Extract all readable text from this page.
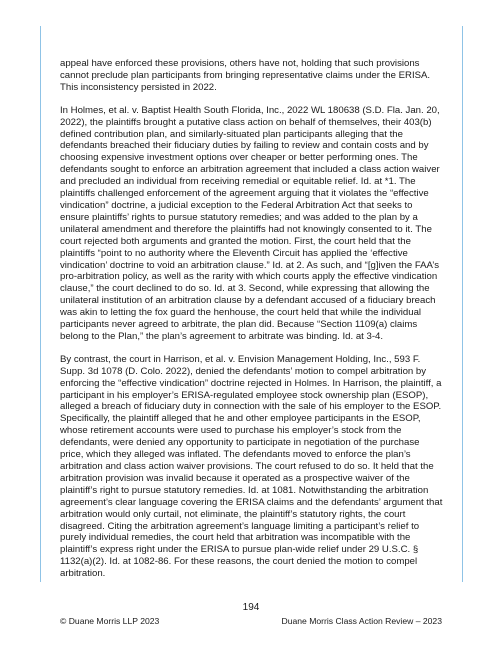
appeal have enforced these provisions, others have not, holding that such provisions cannot preclude plan participants from bringing representative claims under the ERISA. This inconsistency persisted in 2022.

In Holmes, et al. v. Baptist Health South Florida, Inc., 2022 WL 180638 (S.D. Fla. Jan. 20, 2022), the plaintiffs brought a putative class action on behalf of themselves, their 403(b) defined contribution plan, and similarly-situated plan participants alleging that the defendants breached their fiduciary duties by failing to review and contain costs and by choosing expensive investment options over cheaper or better performing ones. The defendants sought to enforce an arbitration agreement that included a class action waiver and precluded an individual from receiving remedial or equitable relief. Id. at *1. The plaintiffs challenged enforcement of the agreement arguing that it violates the “effective vindication” doctrine, a judicial exception to the Federal Arbitration Act that seeks to ensure plaintiffs’ rights to pursue statutory remedies; and was added to the plan by a unilateral amendment and therefore the plaintiffs had not knowingly consented to it. The court rejected both arguments and granted the motion. First, the court held that the plaintiffs “point to no authority where the Eleventh Circuit has applied the ‘effective vindication’ doctrine to void an arbitration clause.” Id. at 2. As such, and “[g]iven the FAA’s pro-arbitration policy, as well as the rarity with which courts apply the effective vindication clause,” the court declined to do so. Id. at 3. Second, while expressing that allowing the unilateral institution of an arbitration clause by a defendant accused of a fiduciary breach was akin to letting the fox guard the henhouse, the court held that while the individual participants never agreed to arbitrate, the plan did. Because “Section 1109(a) claims belong to the Plan,” the plan’s agreement to arbitrate was binding. Id. at 3-4.

By contrast, the court in Harrison, et al. v. Envision Management Holding, Inc., 593 F. Supp. 3d 1078 (D. Colo. 2022), denied the defendants’ motion to compel arbitration by enforcing the “effective vindication” doctrine rejected in Holmes. In Harrison, the plaintiff, a participant in his employer’s ERISA-regulated employee stock ownership plan (ESOP), alleged a breach of fiduciary duty in connection with the sale of his employer to the ESOP. Specifically, the plaintiff alleged that he and other employee participants in the ESOP, whose retirement accounts were used to purchase his employer’s stock from the defendants, were denied any opportunity to participate in negotiation of the purchase price, which they alleged was inflated. The defendants moved to enforce the plan’s arbitration and class action waiver provisions. The court refused to do so. It held that the arbitration provision was invalid because it operated as a prospective waiver of the plaintiff’s right to pursue statutory remedies. Id. at 1081. Notwithstanding the arbitration agreement’s clear language covering the ERISA claims and the defendants’ argument that arbitration would only curtail, not eliminate, the plaintiff’s statutory rights, the court disagreed. Citing the arbitration agreement’s language limiting a participant’s relief to purely individual remedies, the court held that arbitration was incompatible with the plaintiff’s express right under the ERISA to pursue plan-wide relief under 29 U.S.C. § 1132(a)(2). Id. at 1082-86. For these reasons, the court denied the motion to compel arbitration.

194
© Duane Morris LLP 2023	Duane Morris Class Action Review – 2023
